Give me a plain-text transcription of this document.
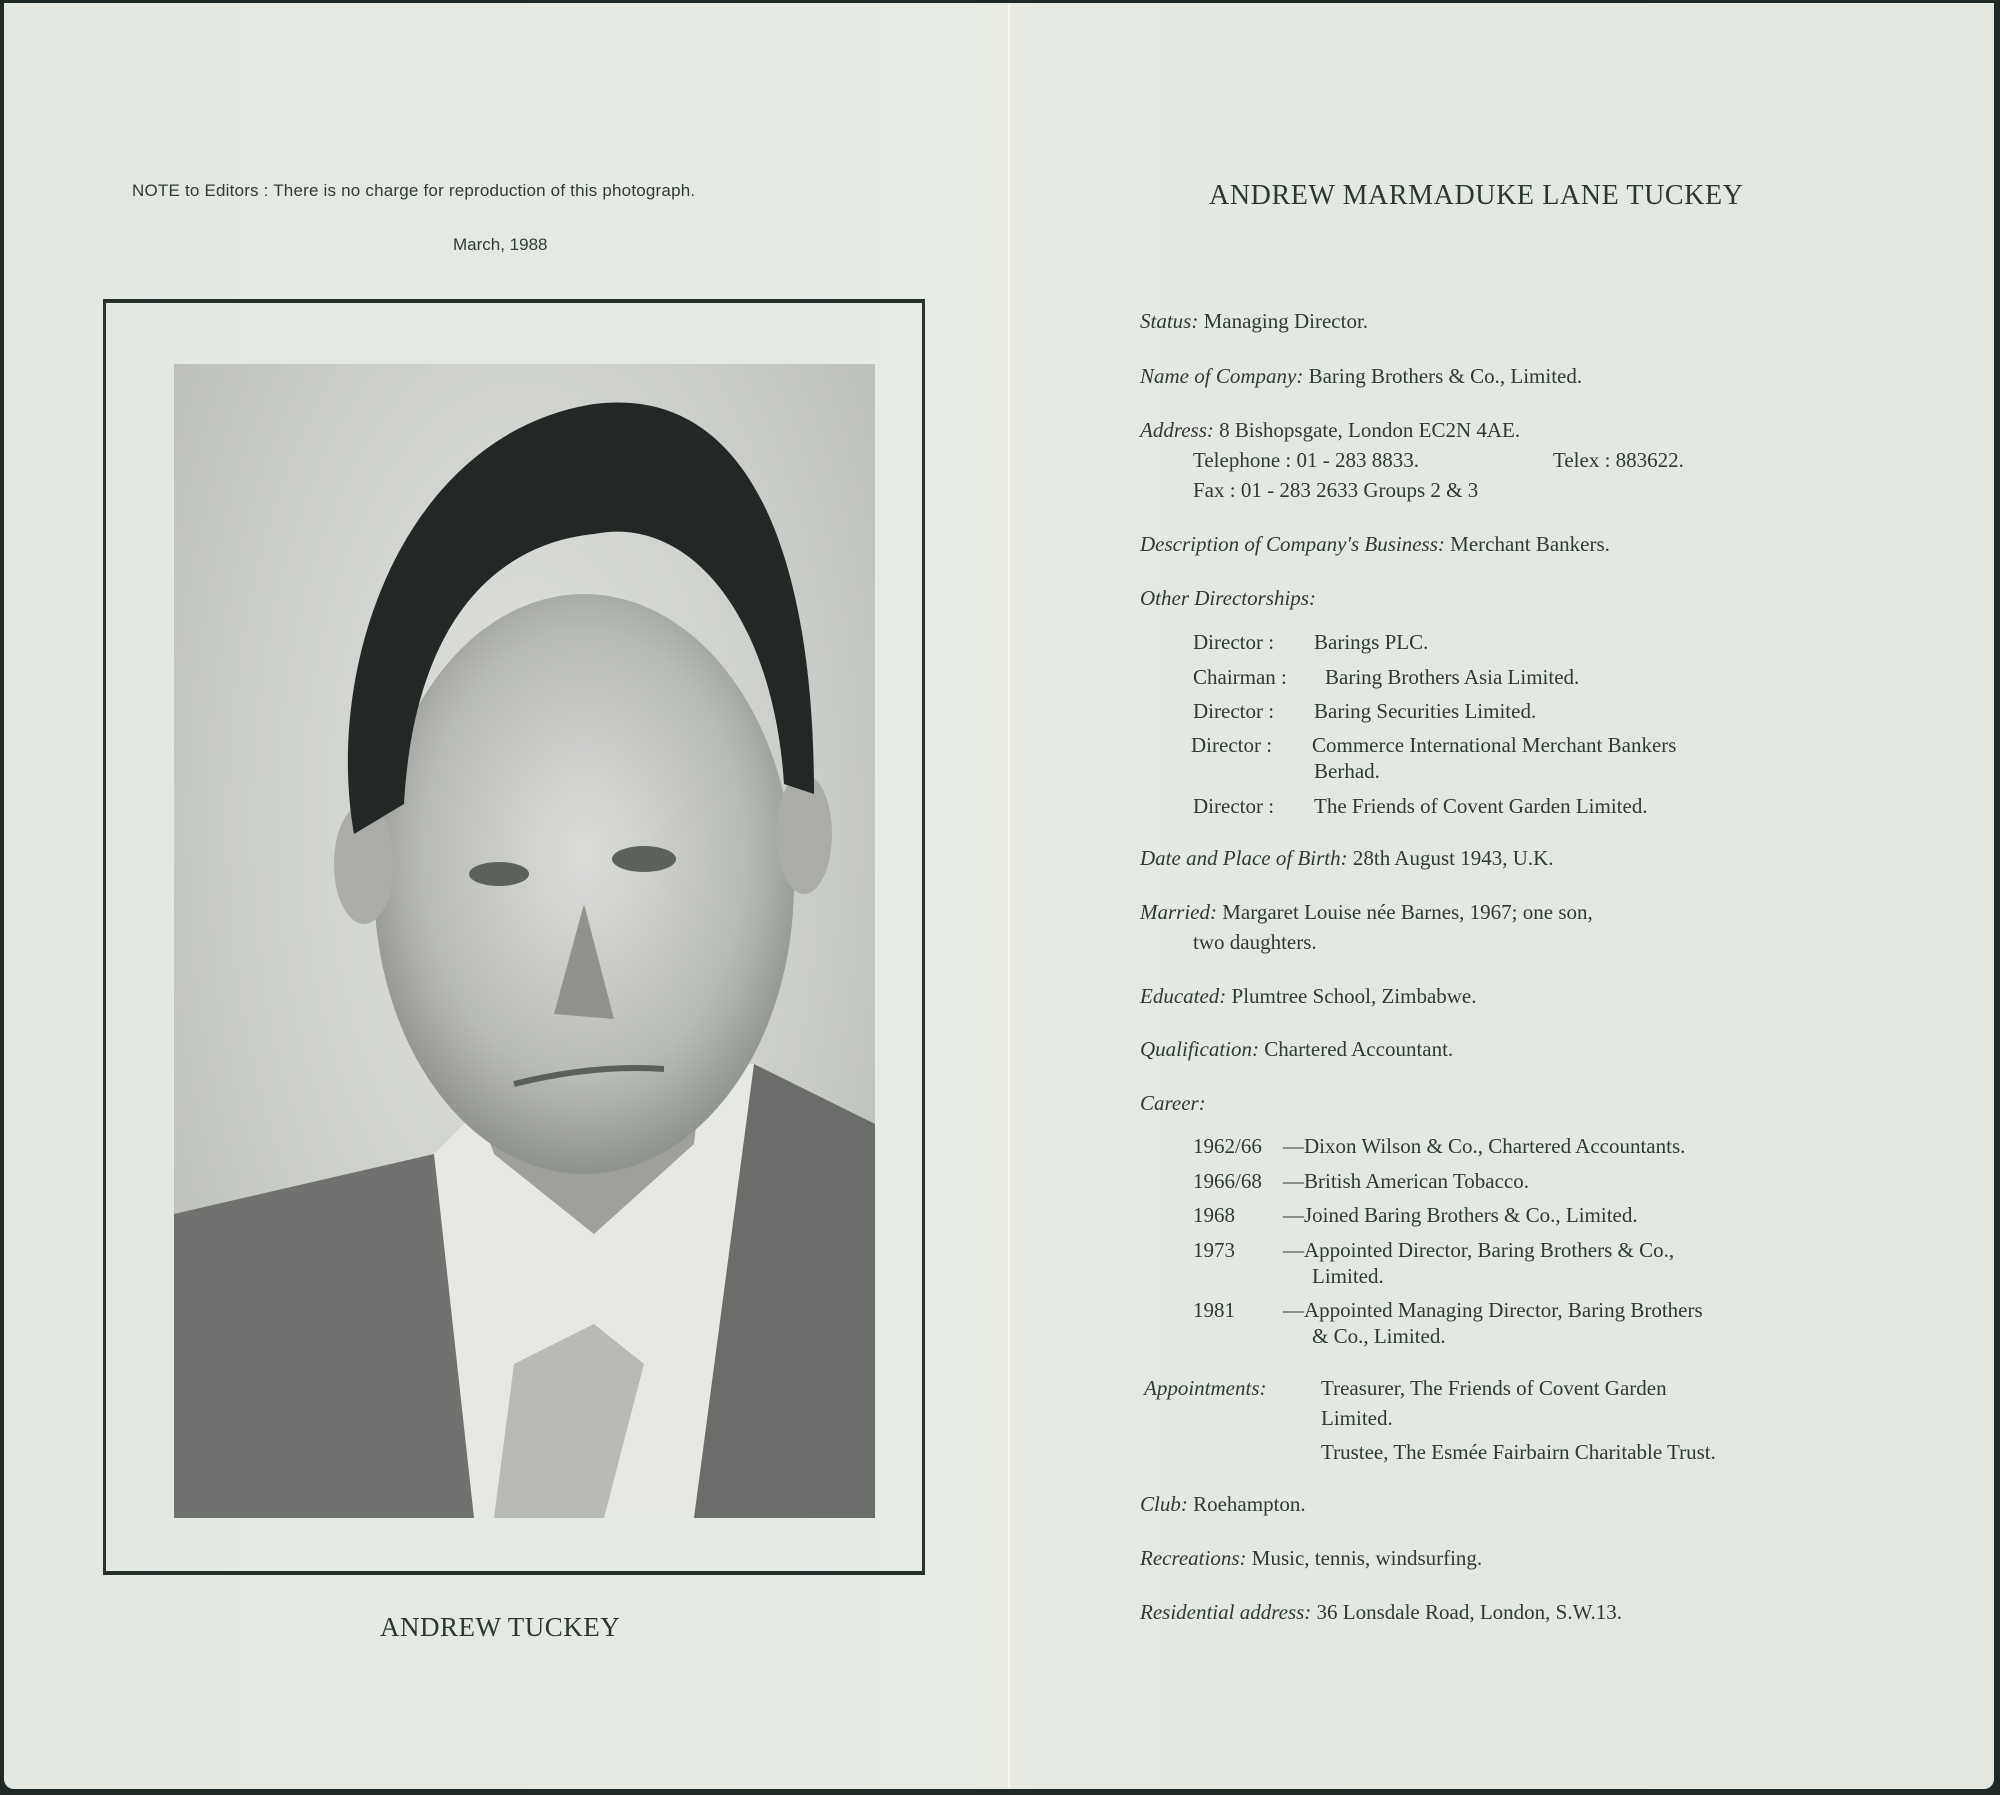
NOTE to Editors : There is no charge for reproduction of this photograph.
March, 1988
ANDREW TUCKEY
ANDREW MARMADUKE LANE TUCKEY
Status: Managing Director.
Name of Company: Baring Brothers & Co., Limited.
Address: 8 Bishopsgate, London EC2N 4AE.
Telephone : 01 - 283 8833.	Telex : 883622.
Fax : 01 - 283 2633 Groups 2 & 3
Description of Company's Business: Merchant Bankers.
Other Directorships:
Director : Barings PLC.
Chairman : Baring Brothers Asia Limited.
Director : Baring Securities Limited.
Director : Commerce International Merchant Bankers
Berhad.
Director : The Friends of Covent Garden Limited.
Date and Place of Birth: 28th August 1943, U.K.
Married: Margaret Louise née Barnes, 1967; one son,
two daughters.
Educated: Plumtree School, Zimbabwe.
Qualification: Chartered Accountant.
Career:
1962/66 —Dixon Wilson & Co., Chartered Accountants.
1966/68 —British American Tobacco.
1968 —Joined Baring Brothers & Co., Limited.
1973 —Appointed Director, Baring Brothers & Co.,
Limited.
1981 —Appointed Managing Director, Baring Brothers
& Co., Limited.
Appointments:	Treasurer, The Friends of Covent Garden
Limited.
Trustee, The Esmée Fairbairn Charitable Trust.
Club: Roehampton.
Recreations: Music, tennis, windsurfing.
Residential address: 36 Lonsdale Road, London, S.W.13.
